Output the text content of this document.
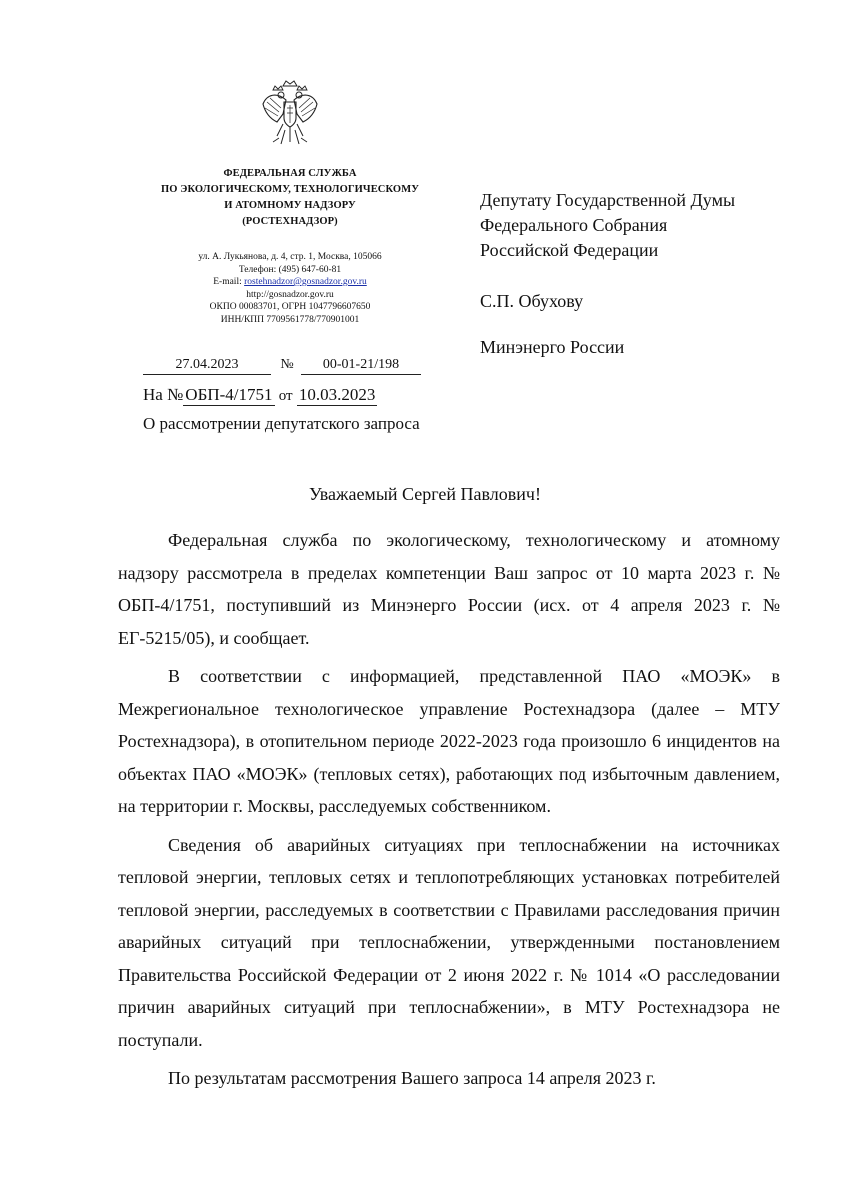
ФЕДЕРАЛЬНАЯ СЛУЖБА
ПО ЭКОЛОГИЧЕСКОМУ, ТЕХНОЛОГИЧЕСКОМУ
И АТОМНОМУ НАДЗОРУ
(РОСТЕХНАДЗОР)
ул. А. Лукьянова, д. 4, стр. 1, Москва, 105066
Телефон: (495) 647-60-81
E-mail: rostehnadzor@gosnadzor.gov.ru
http://gosnadzor.gov.ru
ОКПО 00083701, ОГРН 1047796607650
ИНН/КПП 7709561778/770901001
27.04.2023	№	00-01-21/198
На № ОБП-4/1751 от 10.03.2023
О рассмотрении депутатского запроса
Депутату Государственной Думы
Федерального Собрания
Российской Федерации
С.П. Обухову
Минэнерго России
Уважаемый Сергей Павлович!

Федеральная служба по экологическому, технологическому и атомному надзору рассмотрела в пределах компетенции Ваш запрос от 10 марта 2023 г. № ОБП-4/1751, поступивший из Минэнерго России (исх. от 4 апреля 2023 г. № ЕГ-5215/05), и сообщает.

В соответствии с информацией, представленной ПАО «МОЭК» в Межрегиональное технологическое управление Ростехнадзора (далее – МТУ Ростехнадзора), в отопительном периоде 2022-2023 года произошло 6 инцидентов на объектах ПАО «МОЭК» (тепловых сетях), работающих под избыточным давлением, на территории г. Москвы, расследуемых собственником.

Сведения об аварийных ситуациях при теплоснабжении на источниках тепловой энергии, тепловых сетях и теплопотребляющих установках потребителей тепловой энергии, расследуемых в соответствии с Правилами расследования причин аварийных ситуаций при теплоснабжении, утвержденными постановлением Правительства Российской Федерации от 2 июня 2022 г. № 1014 «О расследовании причин аварийных ситуаций при теплоснабжении», в МТУ Ростехнадзора не поступали.

По результатам рассмотрения Вашего запроса 14 апреля 2023 г.
